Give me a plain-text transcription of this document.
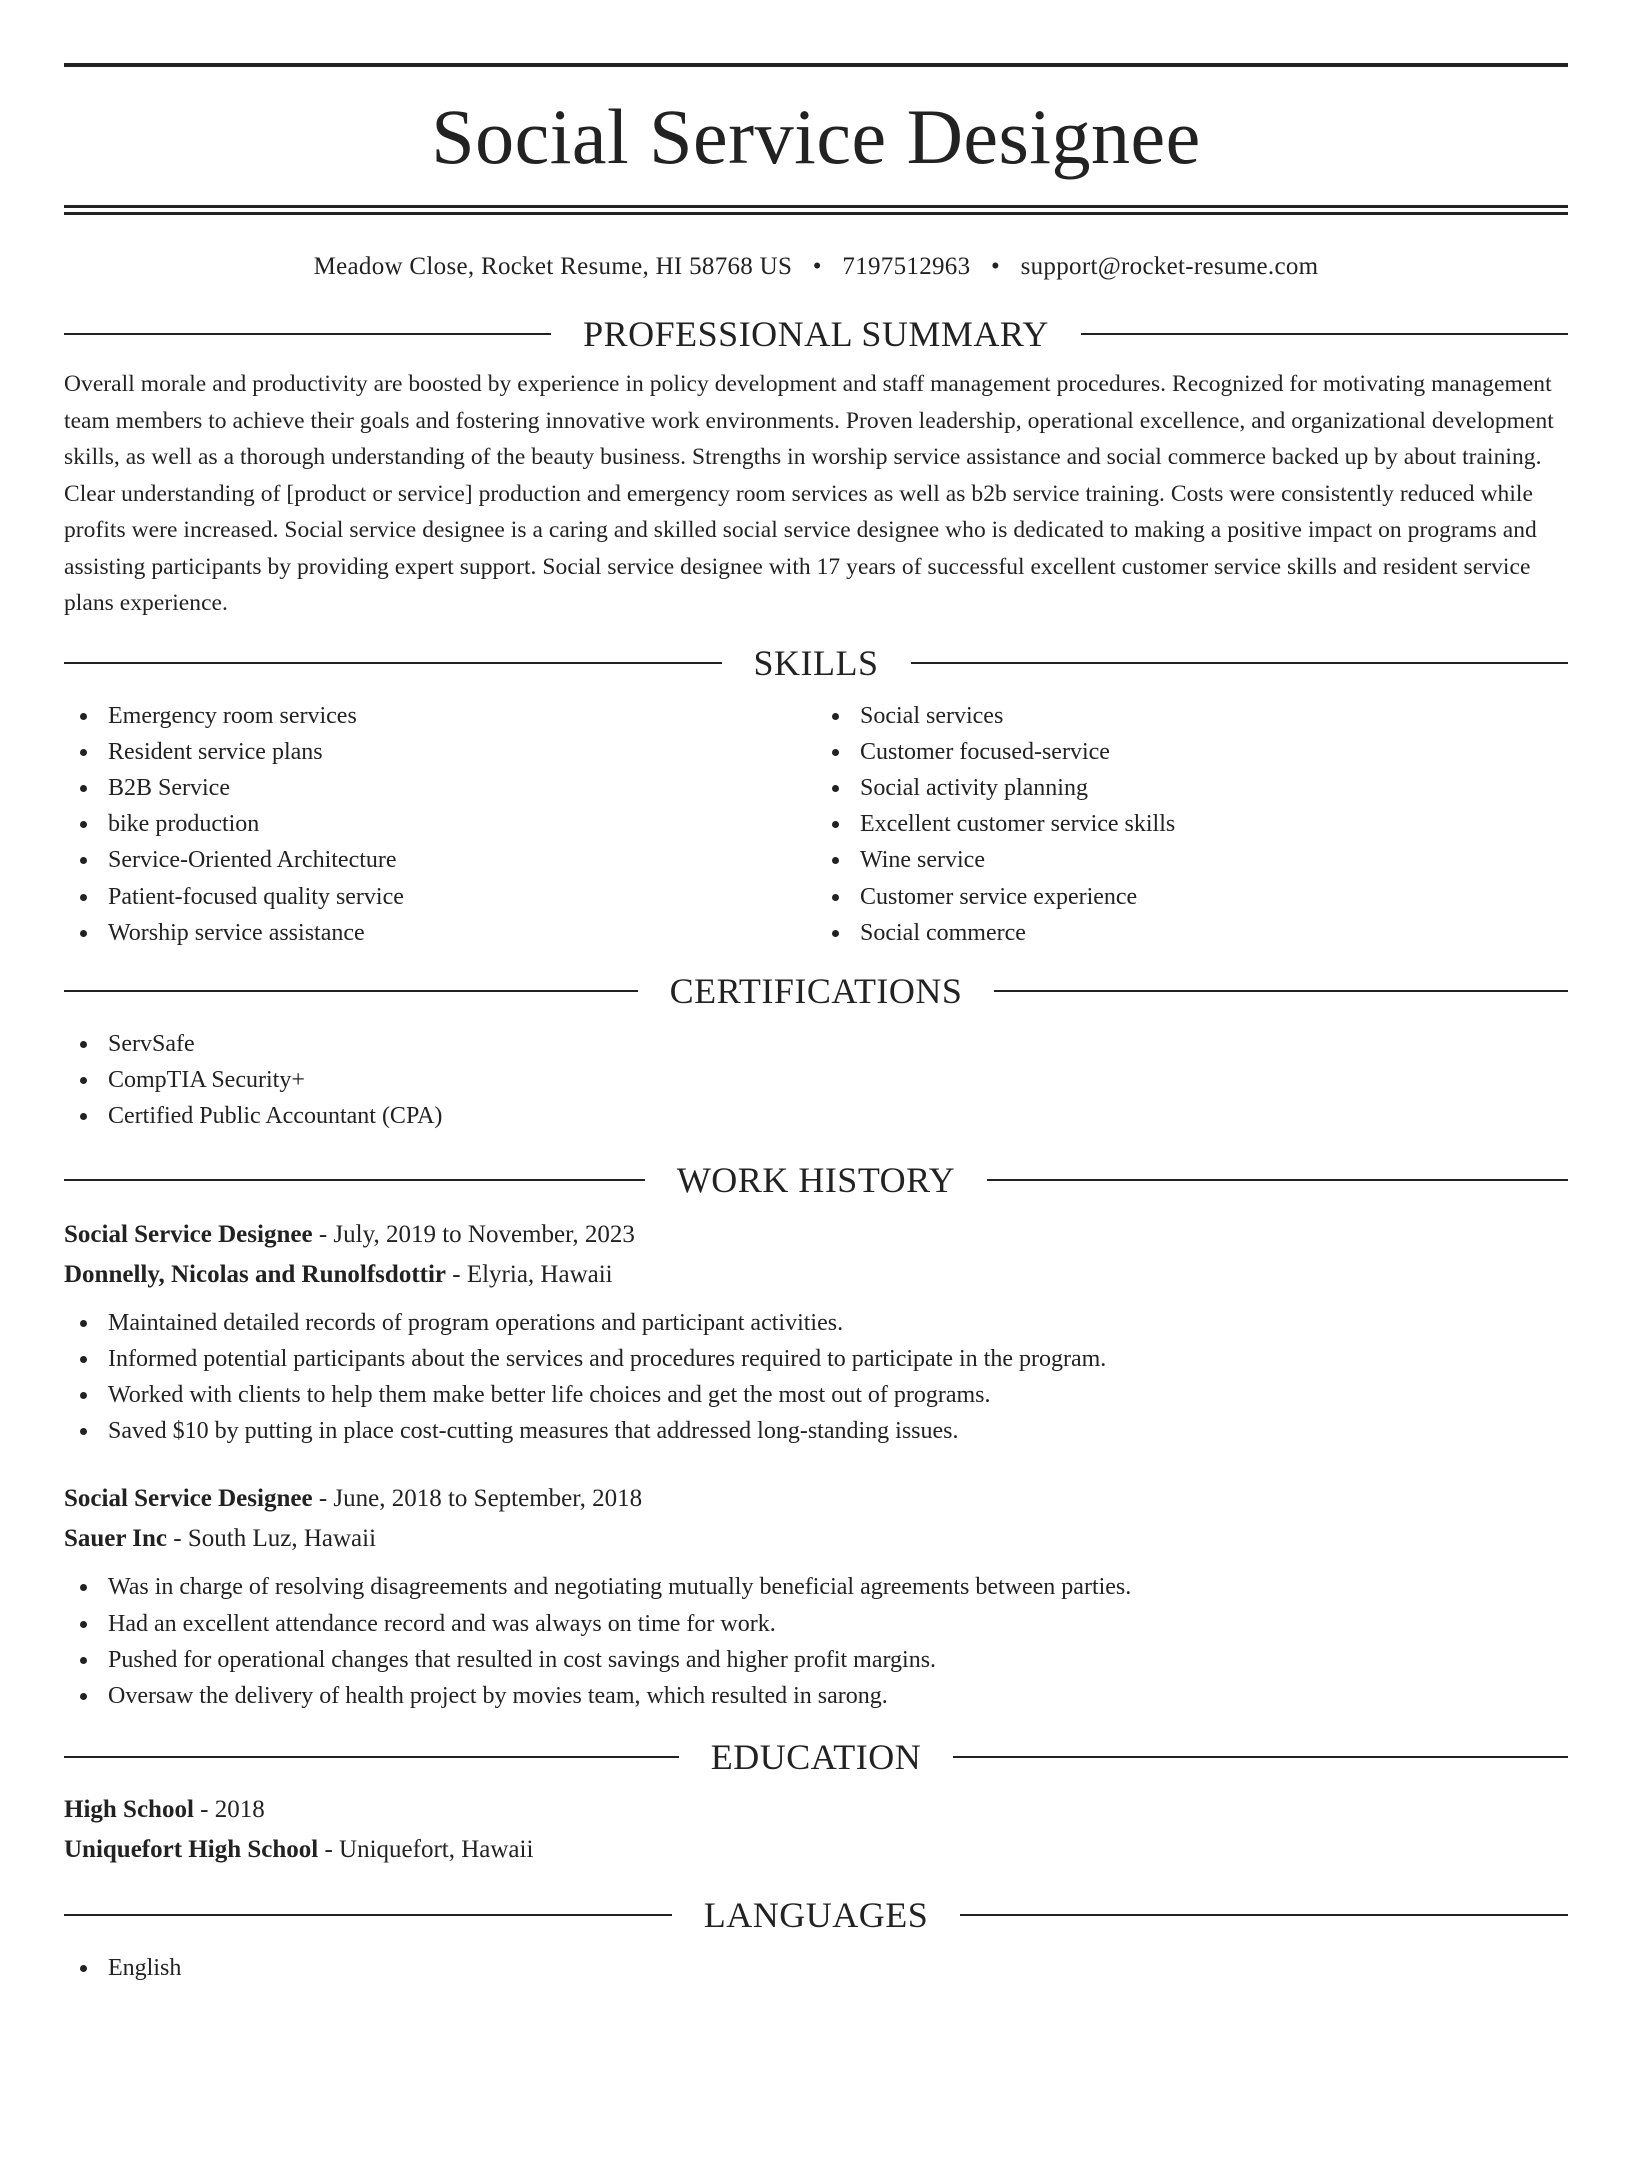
Social Service Designee
Meadow Close, Rocket Resume, HI 58768 US • 7197512963 • support@rocket-resume.com
PROFESSIONAL SUMMARY
Overall morale and productivity are boosted by experience in policy development and staff management procedures. Recognized for motivating management team members to achieve their goals and fostering innovative work environments. Proven leadership, operational excellence, and organizational development skills, as well as a thorough understanding of the beauty business. Strengths in worship service assistance and social commerce backed up by about training. Clear understanding of [product or service] production and emergency room services as well as b2b service training. Costs were consistently reduced while profits were increased. Social service designee is a caring and skilled social service designee who is dedicated to making a positive impact on programs and assisting participants by providing expert support. Social service designee with 17 years of successful excellent customer service skills and resident service plans experience.
SKILLS
Emergency room services
Resident service plans
B2B Service
bike production
Service-Oriented Architecture
Patient-focused quality service
Worship service assistance
Social services
Customer focused-service
Social activity planning
Excellent customer service skills
Wine service
Customer service experience
Social commerce
CERTIFICATIONS
ServSafe
CompTIA Security+
Certified Public Accountant (CPA)
WORK HISTORY
Social Service Designee - July, 2019 to November, 2023
Donnelly, Nicolas and Runolfsdottir - Elyria, Hawaii
Maintained detailed records of program operations and participant activities.
Informed potential participants about the services and procedures required to participate in the program.
Worked with clients to help them make better life choices and get the most out of programs.
Saved $10 by putting in place cost-cutting measures that addressed long-standing issues.
Social Service Designee - June, 2018 to September, 2018
Sauer Inc - South Luz, Hawaii
Was in charge of resolving disagreements and negotiating mutually beneficial agreements between parties.
Had an excellent attendance record and was always on time for work.
Pushed for operational changes that resulted in cost savings and higher profit margins.
Oversaw the delivery of health project by movies team, which resulted in sarong.
EDUCATION
High School - 2018
Uniquefort High School - Uniquefort, Hawaii
LANGUAGES
English
